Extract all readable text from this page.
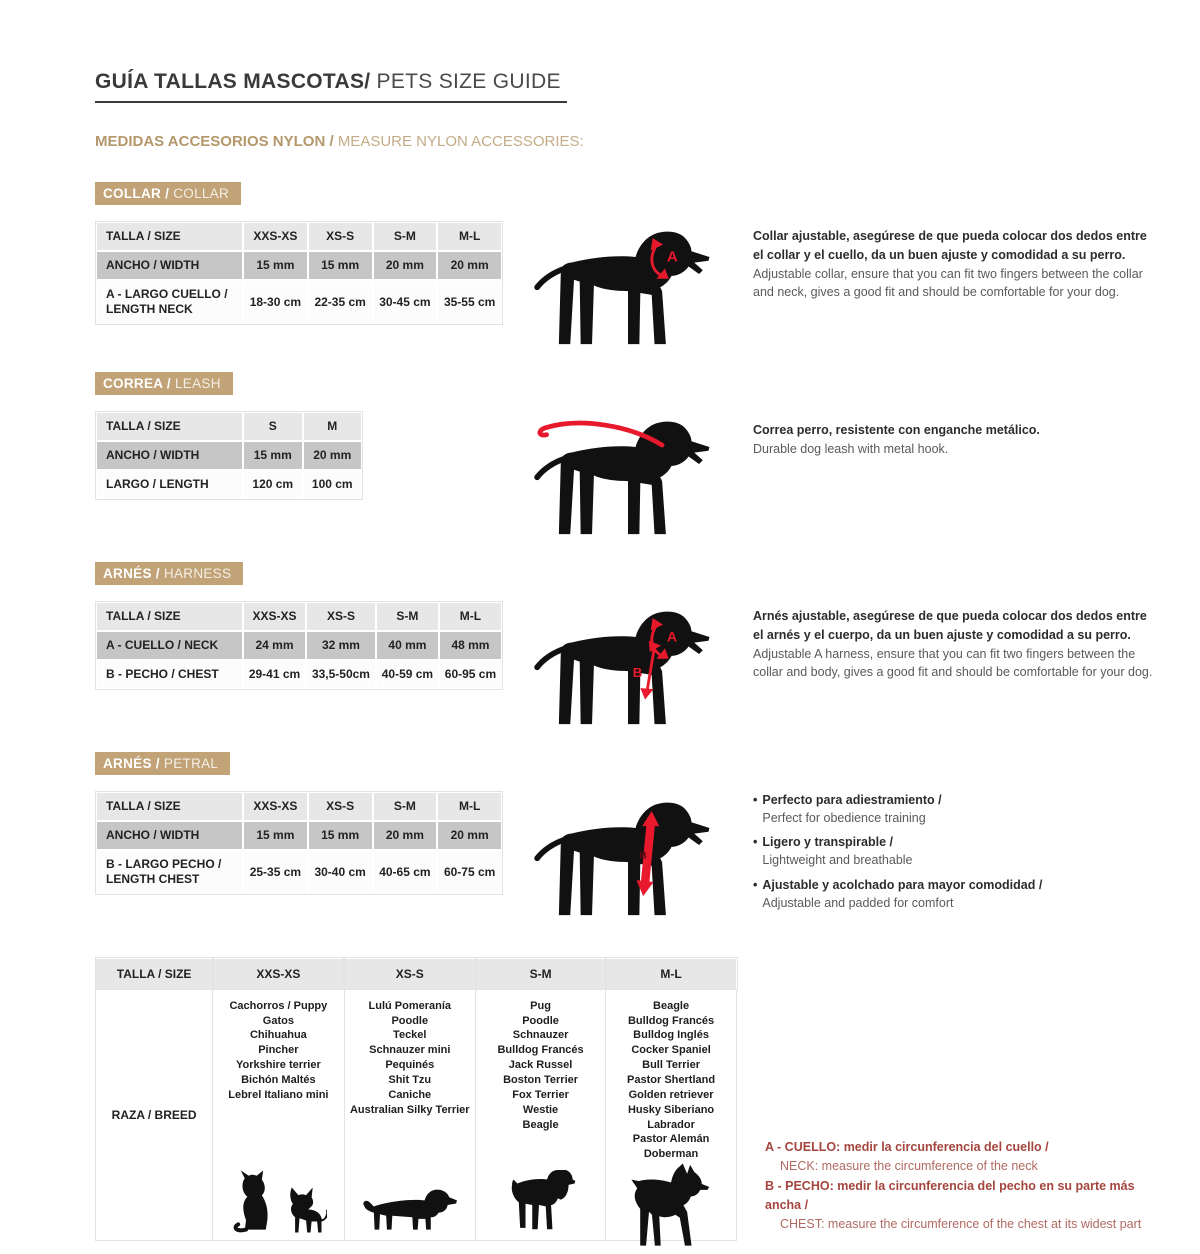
GUÍA TALLAS MASCOTAS/ PETS SIZE GUIDE
MEDIDAS ACCESORIOS NYLON / MEASURE NYLON ACCESSORIES:
COLLAR / COLLAR
TALLA / SIZE	XXS-XS	XS-S	S-M	M-L
ANCHO / WIDTH	15 mm	15 mm	20 mm	20 mm
A - LARGO CUELLO / LENGTH NECK	18-30 cm	22-35 cm	30-45 cm	35-55 cm
A
Collar ajustable, asegúrese de que pueda colocar dos dedos entre el collar y el cuello, da un buen ajuste y comodidad a su perro.
Adjustable collar, ensure that you can fit two fingers between the collar and neck, gives a good fit and should be comfortable for your dog.
CORREA / LEASH
TALLA / SIZE	S	M
ANCHO / WIDTH	15 mm	20 mm
LARGO / LENGTH	120 cm	100 cm
Correa perro, resistente con enganche metálico.
Durable dog leash with metal hook.
ARNÉS / HARNESS
TALLA / SIZE	XXS-XS	XS-S	S-M	M-L
A - CUELLO / NECK	24 mm	32 mm	40 mm	48 mm
B - PECHO / CHEST	29-41 cm	33,5-50cm	40-59 cm	60-95 cm
A
B
Arnés ajustable, asegúrese de que pueda colocar dos dedos entre el arnés y el cuerpo, da un buen ajuste y comodidad a su perro.
Adjustable A harness, ensure that you can fit two fingers between the collar and body, gives a good fit and should be comfortable for your dog.
ARNÉS / PETRAL
TALLA / SIZE	XXS-XS	XS-S	S-M	M-L
ANCHO / WIDTH	15 mm	15 mm	20 mm	20 mm
B - LARGO PECHO / LENGTH CHEST	25-35 cm	30-40 cm	40-65 cm	60-75 cm
B
• Perfecto para adiestramiento /
Perfect for obedience training
• Ligero y transpirable /
Lightweight and breathable
• Ajustable y acolchado para mayor comodidad /
Adjustable and padded for comfort
TALLA / SIZE	XXS-XS	XS-S	S-M	M-L
RAZA / BREED	
Cachorros / Puppy
Gatos
Chihuahua
Pincher
Yorkshire terrier
Bichón Maltés
Lebrel Italiano mini

Lulú Pomeranía
Poodle
Teckel
Schnauzer mini
Pequinés
Shit Tzu
Caniche
Australian Silky Terrier

Pug
Poodle
Schnauzer
Bulldog Francés
Jack Russel
Boston Terrier
Fox Terrier
Westie
Beagle

Beagle
Bulldog Francés
Bulldog Inglés
Cocker Spaniel
Bull Terrier
Pastor Shertland
Golden retriever
Husky Siberiano
Labrador
Pastor Alemán
Doberman
A - CUELLO: medir la circunferencia del cuello /
NECK: measure the circumference of the neck
B - PECHO: medir la circunferencia del pecho en su parte más ancha /
CHEST: measure the circumference of the chest at its widest part
